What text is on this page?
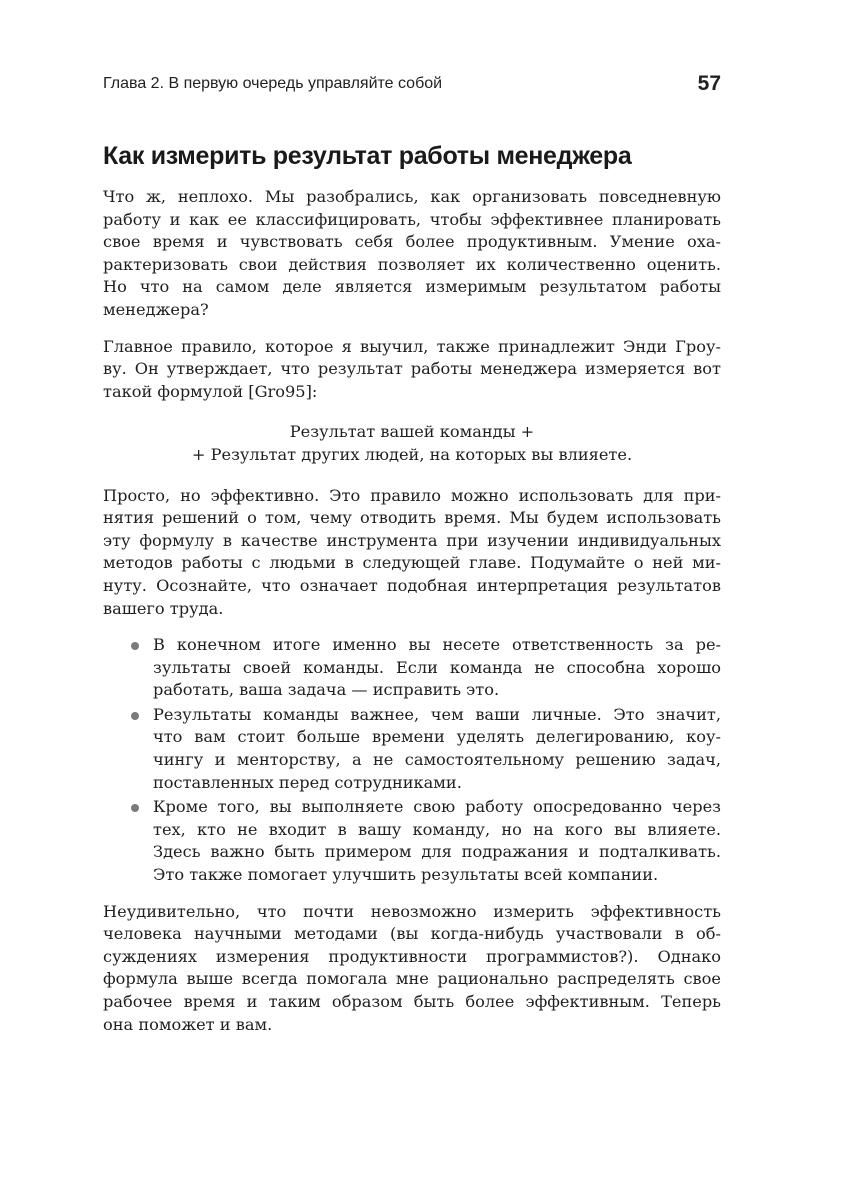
Глава 2. В первую очередь управляйте собой	57
Как измерить результат работы менеджера

Что ж, неплохо. Мы разобрались, как организовать повседневную
работу и как ее классифицировать, чтобы эффективнее планировать
свое время и чувствовать себя более продуктивным. Умение оха-
рактеризовать свои действия позволяет их количественно оценить.
Но что на самом деле является измеримым результатом работы
менеджера?

Главное правило, которое я выучил, также принадлежит Энди Гроу-
ву. Он утверждает, что результат работы менеджера измеряется вот
такой формулой [Gro95]:

Результат вашей команды +
+ Результат других людей, на которых вы влияете.

Просто, но эффективно. Это правило можно использовать для при-
нятия решений о том, чему отводить время. Мы будем использовать
эту формулу в качестве инструмента при изучении индивидуальных
методов работы с людьми в следующей главе. Подумайте о ней ми-
нуту. Осознайте, что означает подобная интерпретация результатов
вашего труда.

В конечном итоге именно вы несете ответственность за ре-
зультаты своей команды. Если команда не способна хорошо
работать, ваша задача — исправить это.
Результаты команды важнее, чем ваши личные. Это значит,
что вам стоит больше времени уделять делегированию, коу-
чингу и менторству, а не самостоятельному решению задач,
поставленных перед сотрудниками.
Кроме того, вы выполняете свою работу опосредованно через
тех, кто не входит в вашу команду, но на кого вы влияете.
Здесь важно быть примером для подражания и подталкивать.
Это также помогает улучшить результаты всей компании.

Неудивительно, что почти невозможно измерить эффективность
человека научными методами (вы когда-нибудь участвовали в об-
суждениях измерения продуктивности программистов?). Однако
формула выше всегда помогала мне рационально распределять свое
рабочее время и таким образом быть более эффективным. Теперь
она поможет и вам.
